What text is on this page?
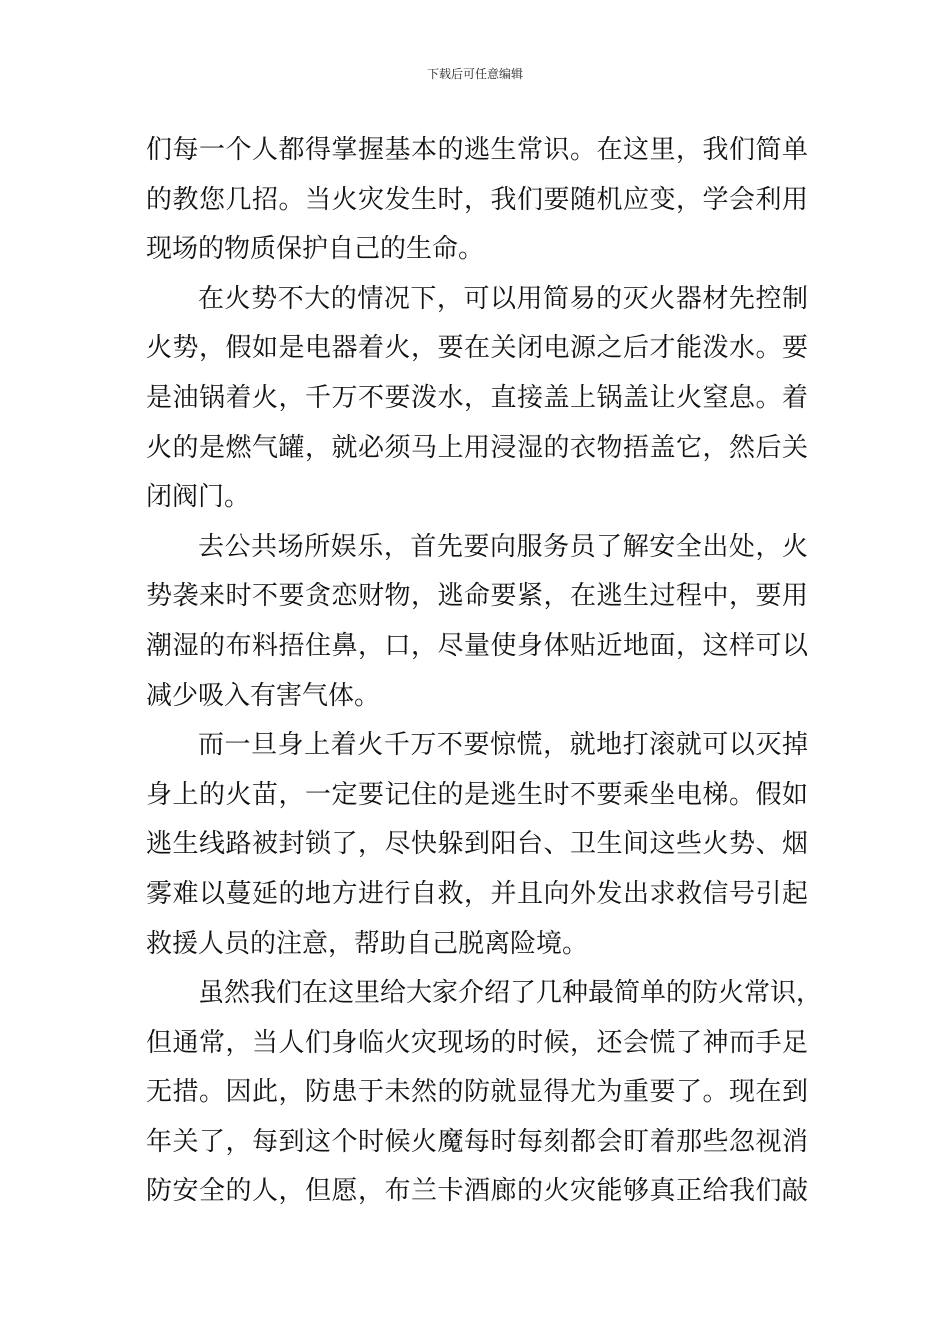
下载后可任意编辑
们每一个人都得掌握基本的逃生常识。在这里，我们简单
的教您几招。当火灾发生时，我们要随机应变，学会利用
现场的物质保护自己的生命。
在火势不大的情况下，可以用简易的灭火器材先控制
火势，假如是电器着火，要在关闭电源之后才能泼水。要
是油锅着火，千万不要泼水，直接盖上锅盖让火窒息。着
火的是燃气罐，就必须马上用浸湿的衣物捂盖它，然后关
闭阀门。
去公共场所娱乐，首先要向服务员了解安全出处，火
势袭来时不要贪恋财物，逃命要紧，在逃生过程中，要用
潮湿的布料捂住鼻，口，尽量使身体贴近地面，这样可以
减少吸入有害气体。
而一旦身上着火千万不要惊慌，就地打滚就可以灭掉
身上的火苗，一定要记住的是逃生时不要乘坐电梯。假如
逃生线路被封锁了，尽快躲到阳台、卫生间这些火势、烟
雾难以蔓延的地方进行自救，并且向外发出求救信号引起
救援人员的注意，帮助自己脱离险境。
虽然我们在这里给大家介绍了几种最简单的防火常识，
但通常，当人们身临火灾现场的时候，还会慌了神而手足
无措。因此，防患于未然的防就显得尤为重要了。现在到
年关了，每到这个时候火魔每时每刻都会盯着那些忽视消
防安全的人，但愿，布兰卡酒廊的火灾能够真正给我们敲
